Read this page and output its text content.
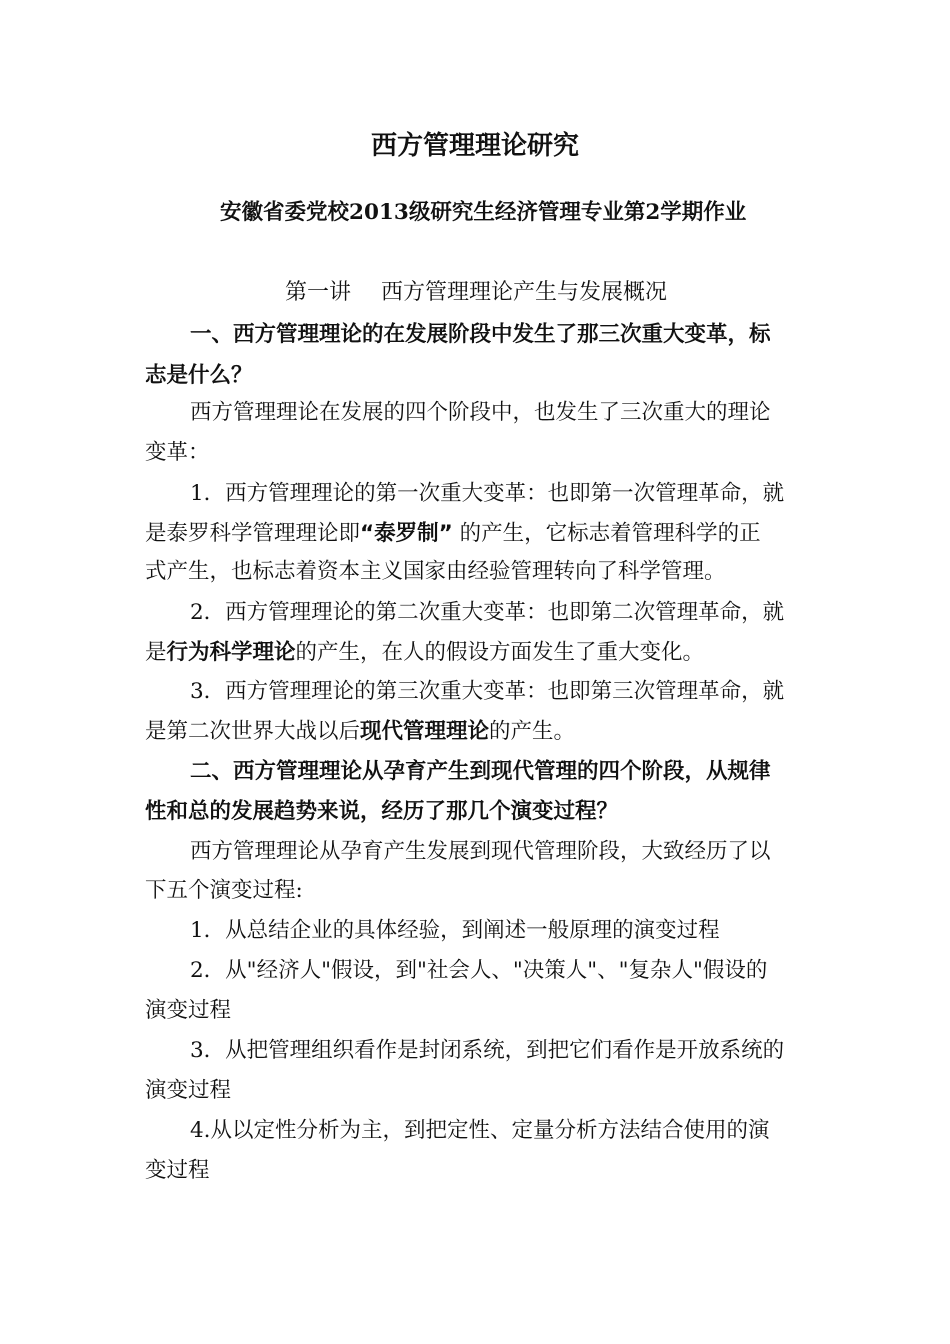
西方管理理论研究
安徽省委党校2013级研究生经济管理专业第2学期作业
第一讲 西方管理理论产生与发展概况
一、西方管理理论的在发展阶段中发生了那三次重大变革，标
志是什么？
西方管理理论在发展的四个阶段中，也发生了三次重大的理论
变革：
1．西方管理理论的第一次重大变革：也即第一次管理革命，就
是泰罗科学管理理论即“泰罗制” 的产生，它标志着管理科学的正
式产生，也标志着资本主义国家由经验管理转向了科学管理。
2．西方管理理论的第二次重大变革：也即第二次管理革命，就
是行为科学理论的产生，在人的假设方面发生了重大变化。
3．西方管理理论的第三次重大变革：也即第三次管理革命，就
是第二次世界大战以后现代管理理论的产生。
二、西方管理理论从孕育产生到现代管理的四个阶段，从规律
性和总的发展趋势来说，经历了那几个演变过程？
西方管理理论从孕育产生发展到现代管理阶段，大致经历了以
下五个演变过程:
1．从总结企业的具体经验，到阐述一般原理的演变过程
2．从"经济人"假设，到"社会人、"决策人"、"复杂人"假设的
演变过程
3．从把管理组织看作是封闭系统，到把它们看作是开放系统的
演变过程
4.从以定性分析为主，到把定性、定量分析方法结合使用的演
变过程
